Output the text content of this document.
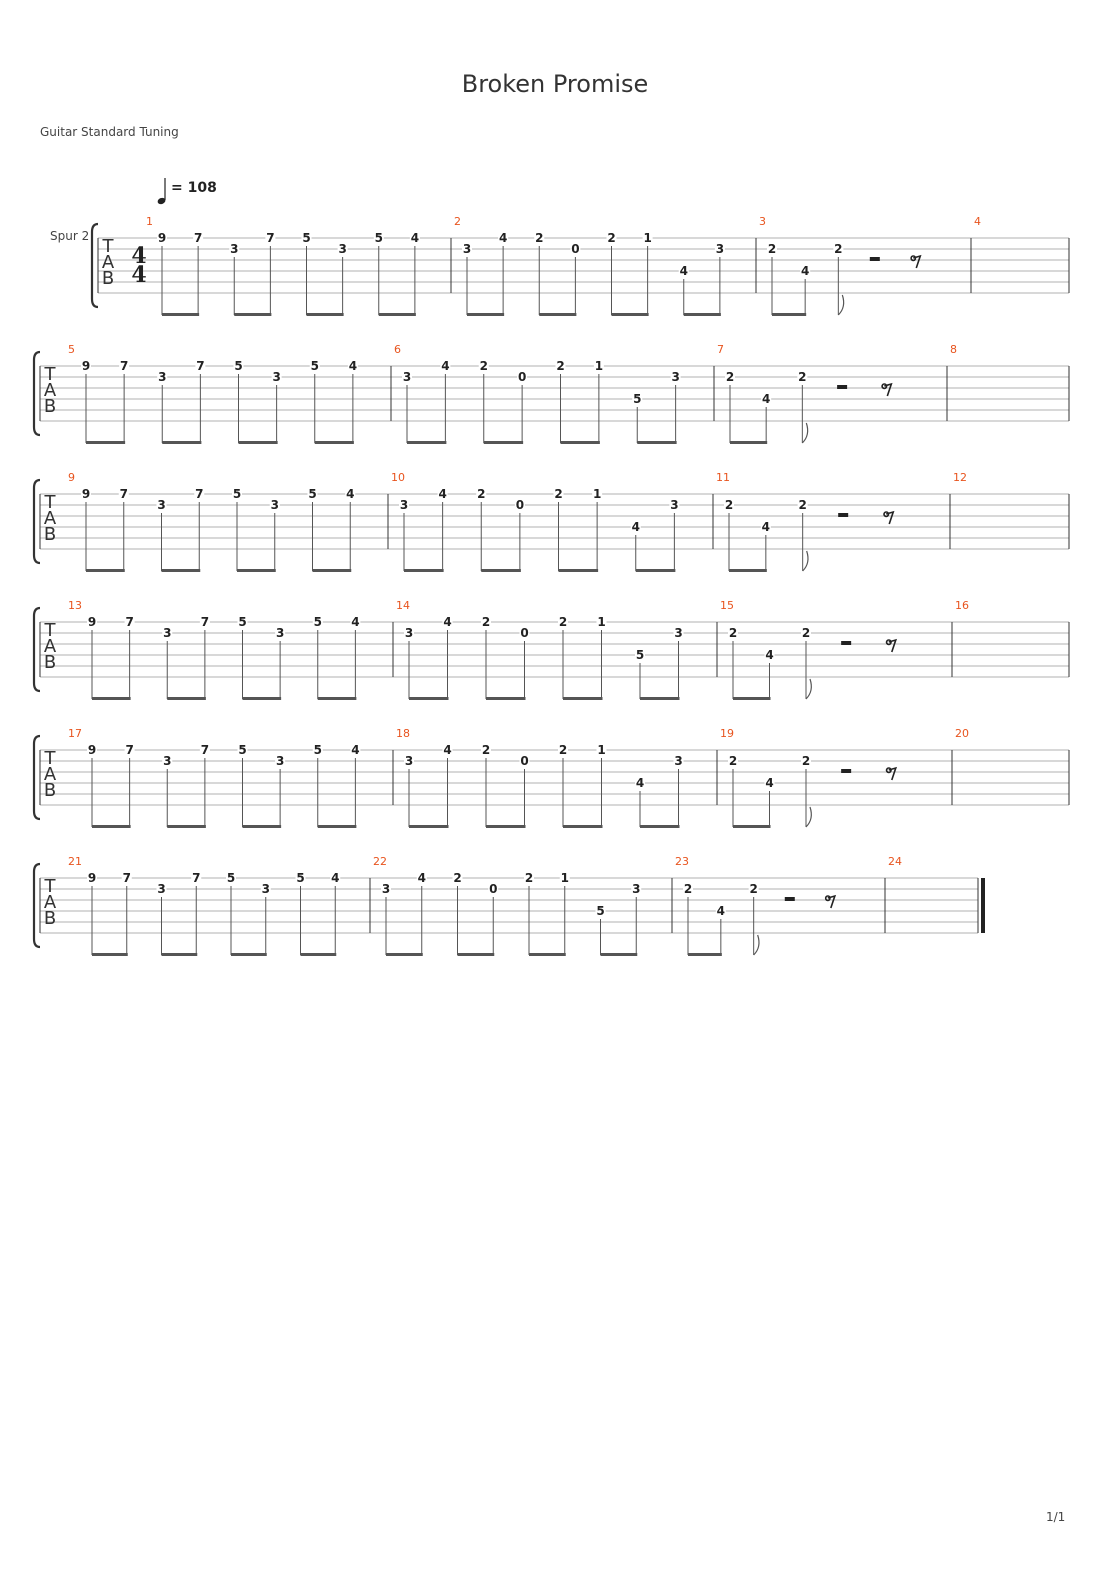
Broken Promise
Guitar Standard Tuning
= 108
Spur 2 T
A
B
4
4
1
9 7
3
7 5
3
5 4
2
3
4 2
0
2 1
4
3
3
2
4
2
4
T
A
B
5
9 7
3
7 5
3
5 4
6
3
4	2
0
2	1
5
3
7
2
4
2
8
T
A
B
9
9 7
3
7 5
3
5 4
10
3
4	2
0
2	1
4
3
11
2
4
2
12
T
A
B
13
9 7
3
7 5
3
5 4
14
3
4	2
0
2	1
5
3
15
2
4
2
16
T
A
B
17
9 7
3
7 5
3
5 4
18
3
4	2
0
2	1
4
3
19
2
4
2
20
T
A
B
21
9 7
3
7 5
3
5 4
22
3
4 2
0
2 1
5
3
23
2
4
2
24
1/1
